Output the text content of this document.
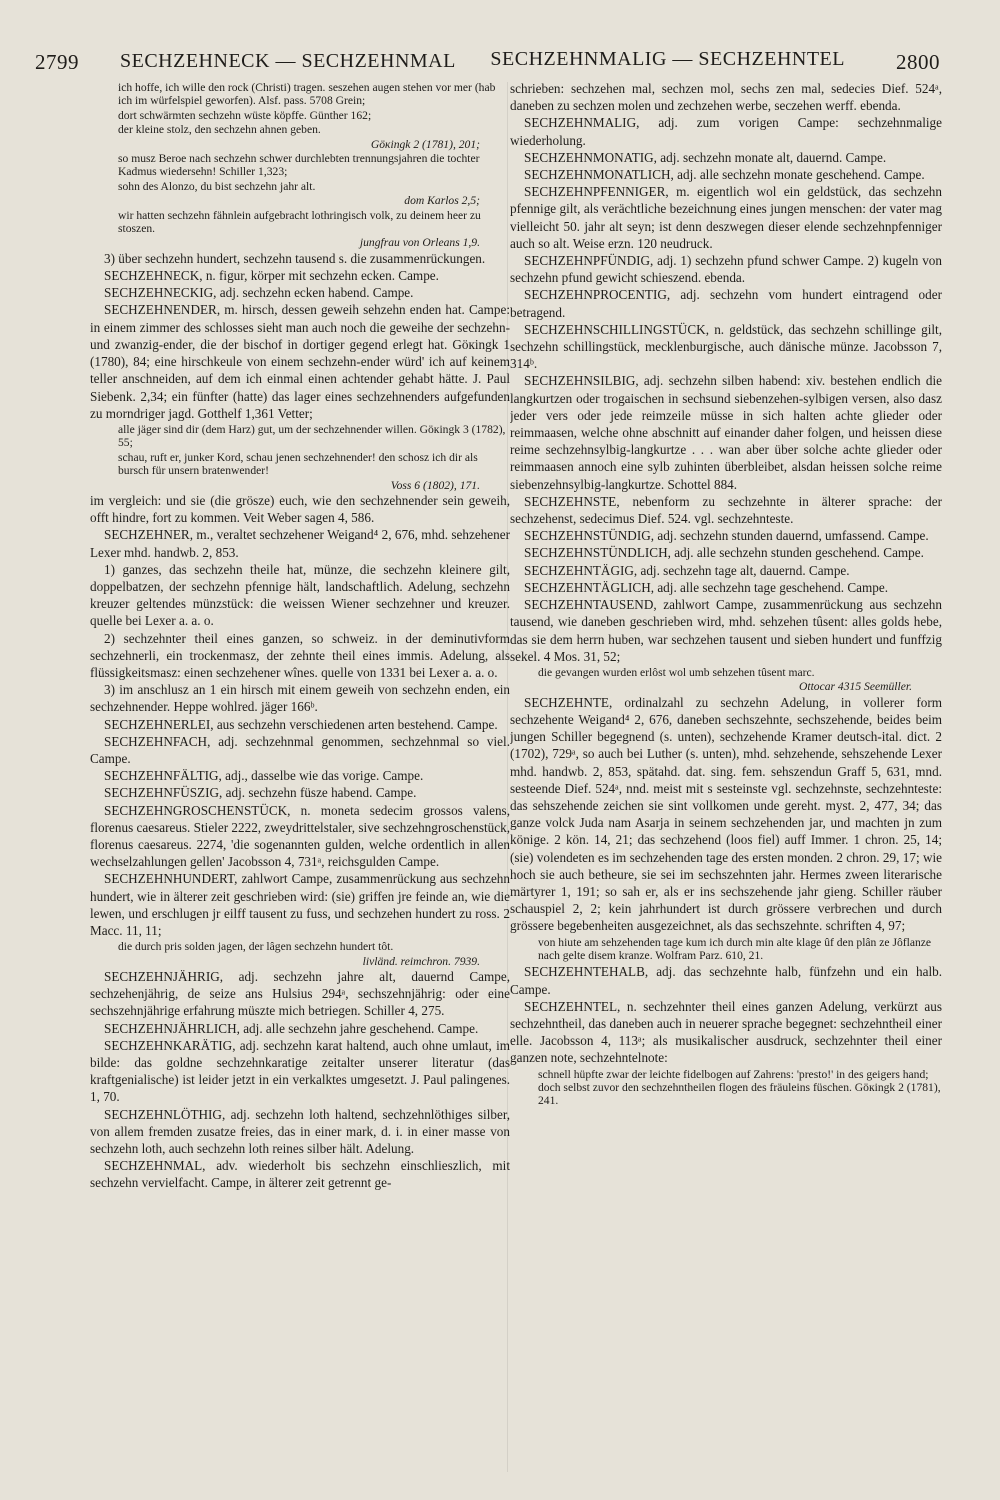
2799 SECHZEHNECK — SECHZEHNMAL SECHZEHNMALIG — SECHZEHNTEL 2800

ich hoffe, ich wille den rock (Christi) tragen. seszehen augen stehen vor mer (hab ich im würfelspiel geworfen). Alsf. pass. 5708 Grein;

dort schwärmten sechzehn wüste köpffe. Günther 162;

der kleine stolz, den sechzehn ahnen geben.

Göкingk 2 (1781), 201;

so musz Beroe nach sechzehn schwer durchlebten trennungsjahren die tochter Kadmus wiedersehn! Schiller 1,323;

sohn des Alonzo, du bist sechzehn jahr alt.

dom Karlos 2,5;

wir hatten sechzehn fähnlein aufgebracht lothringisch volk, zu deinem heer zu stoszen.

jungfrau von Orleans 1,9.

3) über sechzehn hundert, sechzehn tausend s. die zusammenrückungen.

SECHZEHNECK, n. figur, körper mit sechzehn ecken. Campe.

SECHZEHNECKIG, adj. sechzehn ecken habend. Campe.

SECHZEHNENDER, m. hirsch, dessen geweih sehzehn enden hat. Campe: in einem zimmer des schlosses sieht man auch noch die geweihe der sechzehn- und zwanzig-ender, die der bischof in dortiger gegend erlegt hat. Göкingk 1 (1780), 84; eine hirschkeule von einem sechzehn-ender würd' ich auf keinem teller anschneiden, auf dem ich einmal einen achtender gehabt hätte. J. Paul Siebenk. 2,34; ein fünfter (hatte) das lager eines sechzehnenders aufgefunden zu morndriger jagd. Gotthelf 1,361 Vetter;

alle jäger sind dir (dem Harz) gut, um der sechzehnender willen. Göкingk 3 (1782), 55;

schau, ruft er, junker Kord, schau jenen sechzehnender! den schosz ich dir als bursch für unsern bratenwender!

Voss 6 (1802), 171.

im vergleich: und sie (die grösze) euch, wie den sechzehnender sein geweih, offt hindre, fort zu kommen. Veit Weber sagen 4, 586.

SECHZEHNER, m., veraltet sechzehener Weigand⁴ 2, 676, mhd. sehzehener Lexer mhd. handwb. 2, 853.

1) ganzes, das sechzehn theile hat, münze, die sechzehn kleinere gilt, doppelbatzen, der sechzehn pfennige hält, landschaftlich. Adelung, sechzehn kreuzer geltendes münzstück: die weissen Wiener sechzehner und kreuzer. quelle bei Lexer a. a. o.

2) sechzehnter theil eines ganzen, so schweiz. in der deminutivform sechzehnerli, ein trockenmasz, der zehnte theil eines immis. Adelung, als flüssigkeitsmasz: einen sechzehener wînes. quelle von 1331 bei Lexer a. a. o.

3) im anschlusz an 1 ein hirsch mit einem geweih von sechzehn enden, ein sechzehnender. Heppe wohlred. jäger 166ᵇ.

SECHZEHNERLEI, aus sechzehn verschiedenen arten bestehend. Campe.

SECHZEHNFACH, adj. sechzehnmal genommen, sechzehnmal so viel. Campe.

SECHZEHNFÄLTIG, adj., dasselbe wie das vorige. Campe.

SECHZEHNFÜSZIG, adj. sechzehn füsze habend. Campe.

SECHZEHNGROSCHENSTÜCK, n. moneta sedecim grossos valens, florenus caesareus. Stieler 2222, zweydrittelstaler, sive sechzehngroschenstück, florenus caesareus. 2274, 'die sogenannten gulden, welche ordentlich in allen wechselzahlungen gellen' Jacobsson 4, 731ᵃ, reichsgulden Campe.

SECHZEHNHUNDERT, zahlwort Campe, zusammenrückung aus sechzehn hundert, wie in älterer zeit geschrieben wird: (sie) griffen jre feinde an, wie die lewen, und erschlugen jr eilff tausent zu fuss, und sechzehen hundert zu ross. 2 Macc. 11, 11;

die durch pris solden jagen, der lâgen sechzehn hundert tôt.

livländ. reimchron. 7939.

SECHZEHNJÄHRIG, adj. sechzehn jahre alt, dauernd Campe, sechzehenjährig, de seize ans Hulsius 294ᵃ, sechszehnjährig: oder eine sechszehnjährige erfahrung müszte mich betriegen. Schiller 4, 275.

SECHZEHNJÄHRLICH, adj. alle sechzehn jahre geschehend. Campe.

SECHZEHNKARÄTIG, adj. sechzehn karat haltend, auch ohne umlaut, im bilde: das goldne sechzehnkaratige zeitalter unserer literatur (das kraftgenialische) ist leider jetzt in ein verkalktes umgesetzt. J. Paul palingenes. 1, 70.

SECHZEHNLÖTHIG, adj. sechzehn loth haltend, sechzehnlöthiges silber, von allem fremden zusatze freies, das in einer mark, d. i. in einer masse von sechzehn loth, auch sechzehn loth reines silber hält. Adelung.

SECHZEHNMAL, adv. wiederholt bis sechzehn einschlieszlich, mit sechzehn vervielfacht. Campe, in älterer zeit getrennt ge-

schrieben: sechzehen mal, sechzen mol, sechs zen mal, sedecies Dief. 524ᵃ, daneben zu sechzen molen und zechzehen werbe, seczehen werff. ebenda.

SECHZEHNMALIG, adj. zum vorigen Campe: sechzehnmalige wiederholung.

SECHZEHNMONATIG, adj. sechzehn monate alt, dauernd. Campe.

SECHZEHNMONATLICH, adj. alle sechzehn monate geschehend. Campe.

SECHZEHNPFENNIGER, m. eigentlich wol ein geldstück, das sechzehn pfennige gilt, als verächtliche bezeichnung eines jungen menschen: der vater mag vielleicht 50. jahr alt seyn; ist denn deszwegen dieser elende sechzehnpfenniger auch so alt. Weise erzn. 120 neudruck.

SECHZEHNPFÜNDIG, adj. 1) sechzehn pfund schwer Campe. 2) kugeln von sechzehn pfund gewicht schieszend. ebenda.

SECHZEHNPROCENTIG, adj. sechzehn vom hundert eintragend oder betragend.

SECHZEHNSCHILLINGSTÜCK, n. geldstück, das sechzehn schillinge gilt, sechzehn schillingstück, mecklenburgische, auch dänische münze. Jacobsson 7, 314ᵇ.

SECHZEHNSILBIG, adj. sechzehn silben habend: xiv. bestehen endlich die langkurtzen oder trogaischen in sechsund siebenzehen-sylbigen versen, also dasz jeder vers oder jede reimzeile müsse in sich halten achte glieder oder reimmaasen, welche ohne abschnitt auf einander daher folgen, und heissen diese reime sechzehnsylbig-langkurtze . . . wan aber über solche achte glieder oder reimmaasen annoch eine sylb zuhinten überbleibet, alsdan heissen solche reime siebenzehnsylbig-langkurtze. Schottel 884.

SECHZEHNSTE, nebenform zu sechzehnte in älterer sprache: der sechzehenst, sedecimus Dief. 524. vgl. sechzehnteste.

SECHZEHNSTÜNDIG, adj. sechzehn stunden dauernd, umfassend. Campe.

SECHZEHNSTÜNDLICH, adj. alle sechzehn stunden geschehend. Campe.

SECHZEHNTÄGIG, adj. sechzehn tage alt, dauernd. Campe.

SECHZEHNTÄGLICH, adj. alle sechzehn tage geschehend. Campe.

SECHZEHNTAUSEND, zahlwort Campe, zusammenrückung aus sechzehn tausend, wie daneben geschrieben wird, mhd. sehzehen tûsent: alles golds hebe, das sie dem herrn huben, war sechzehen tausent und sieben hundert und funffzig sekel. 4 Mos. 31, 52;

die gevangen wurden erlôst wol umb sehzehen tûsent marc.

Ottocar 4315 Seemüller.

SECHZEHNTE, ordinalzahl zu sechzehn Adelung, in vollerer form sechzehente Weigand⁴ 2, 676, daneben sechszehnte, sechszehende, beides beim jungen Schiller begegnend (s. unten), sechzehende Kramer deutsch-ital. dict. 2 (1702), 729ᵃ, so auch bei Luther (s. unten), mhd. sehzehende, sehszehende Lexer mhd. handwb. 2, 853, spätahd. dat. sing. fem. sehszendun Graff 5, 631, mnd. sesteende Dief. 524ᵃ, nnd. meist mit s sesteinste vgl. sechzehnste, sechzehnteste: das sehszehende zeichen sie sint vollkomen unde gereht. myst. 2, 477, 34; das ganze volck Juda nam Asarja in seinem sechzehenden jar, und machten jn zum könige. 2 kön. 14, 21; das sechzehend (loos fiel) auff Immer. 1 chron. 25, 14; (sie) volendeten es im sechzehenden tage des ersten monden. 2 chron. 29, 17; wie hoch sie auch betheure, sie sei im sechszehnten jahr. Hermes zween literarische märtyrer 1, 191; so sah er, als er ins sechszehende jahr gieng. Schiller räuber schauspiel 2, 2; kein jahrhundert ist durch grössere verbrechen und durch grössere begebenheiten ausgezeichnet, als das sechszehnte. schriften 4, 97;

von hiute am sehzehenden tage kum ich durch min alte klage ûf den plân ze Jôflanze nach gelte disem kranze. Wolfram Parz. 610, 21.

SECHZEHNTEHALB, adj. das sechzehnte halb, fünfzehn und ein halb. Campe.

SECHZEHNTEL, n. sechzehnter theil eines ganzen Adelung, verkürzt aus sechzehntheil, das daneben auch in neuerer sprache begegnet: sechzehntheil einer elle. Jacobsson 4, 113ᵃ; als musikalischer ausdruck, sechzehnter theil einer ganzen note, sechzehntelnote:

schnell hüpfte zwar der leichte fidelbogen auf Zahrens: 'presto!' in des geigers hand; doch selbst zuvor den sechzehntheilen flogen des fräuleins füschen. Göкingk 2 (1781), 241.
